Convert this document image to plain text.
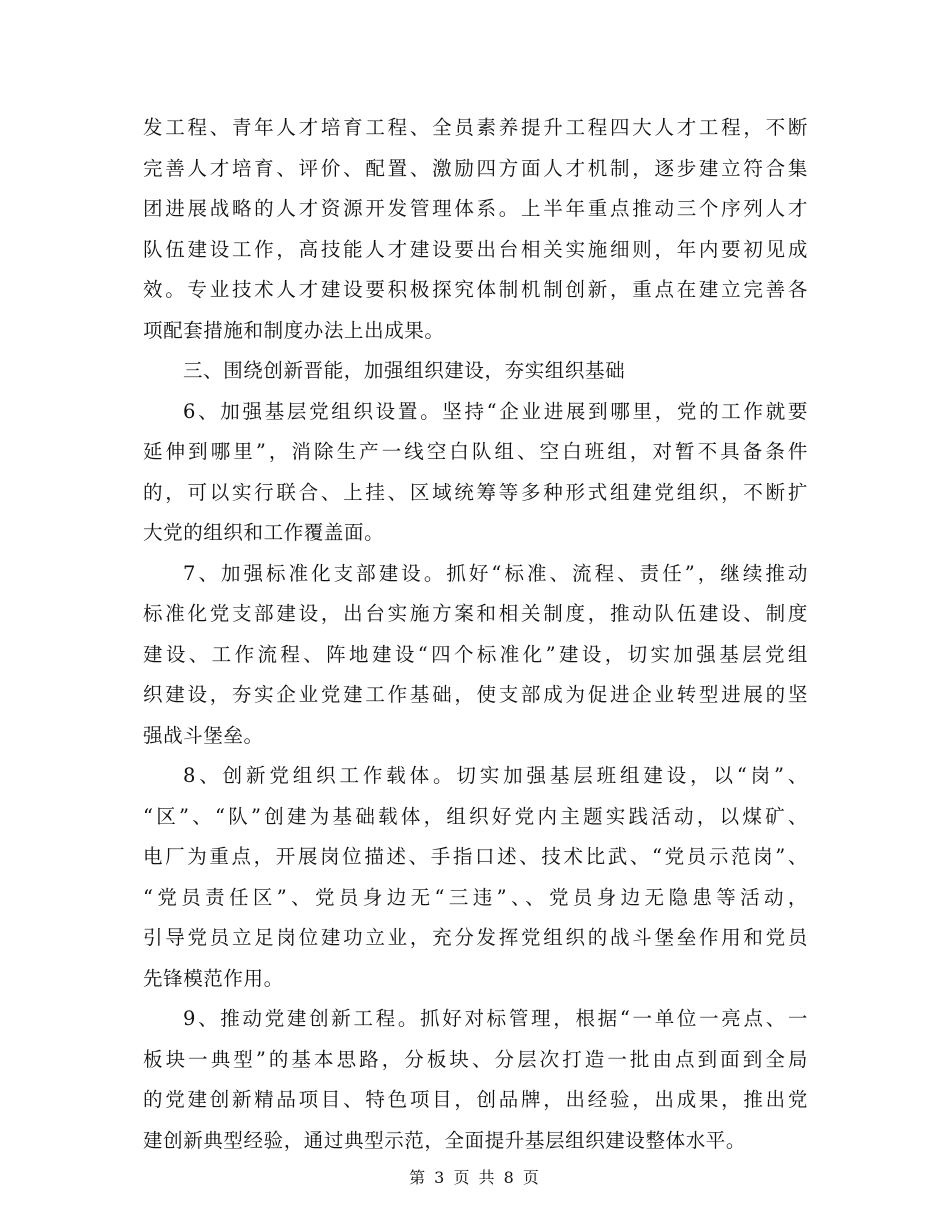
发工程、青年人才培育工程、全员素养提升工程四大人才工程，不断
完善人才培育、评价、配置、激励四方面人才机制，逐步建立符合集
团进展战略的人才资源开发管理体系。上半年重点推动三个序列人才
队伍建设工作，高技能人才建设要出台相关实施细则，年内要初见成
效。专业技术人才建设要积极探究体制机制创新，重点在建立完善各
项配套措施和制度办法上出成果。
三、围绕创新晋能，加强组织建设，夯实组织基础
6、加强基层党组织设置。坚持“企业进展到哪里，党的工作就要
延伸到哪里”，消除生产一线空白队组、空白班组，对暂不具备条件
的，可以实行联合、上挂、区域统筹等多种形式组建党组织，不断扩
大党的组织和工作覆盖面。
7、加强标准化支部建设。抓好“标准、流程、责任”，继续推动
标准化党支部建设，出台实施方案和相关制度，推动队伍建设、制度
建设、工作流程、阵地建设“四个标准化”建设，切实加强基层党组
织建设，夯实企业党建工作基础，使支部成为促进企业转型进展的坚
强战斗堡垒。
8、创新党组织工作载体。切实加强基层班组建设，以“岗”、
“区”、“队”创建为基础载体，组织好党内主题实践活动，以煤矿、
电厂为重点，开展岗位描述、手指口述、技术比武、“党员示范岗”、
“党员责任区”、党员身边无“三违”、、党员身边无隐患等活动，
引导党员立足岗位建功立业，充分发挥党组织的战斗堡垒作用和党员
先锋模范作用。
9、推动党建创新工程。抓好对标管理，根据“一单位一亮点、一
板块一典型”的基本思路，分板块、分层次打造一批由点到面到全局
的党建创新精品项目、特色项目，创品牌，出经验，出成果，推出党
建创新典型经验，通过典型示范，全面提升基层组织建设整体水平。
第 3 页 共 8 页
